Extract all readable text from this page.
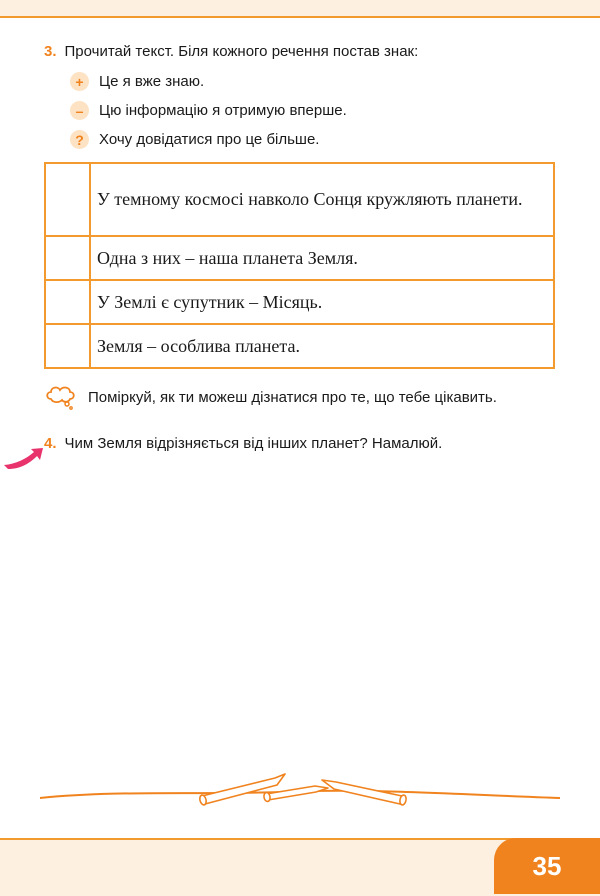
3. Прочитай текст. Біля кожного речення постав знак:
+	Це я вже знаю.
–	Цю інформацію я отримую вперше.
?	Хочу довідатися про це більше.
	У темному космосі навколо Сонця кружляють планети.
	Одна з них – наша планета Земля.
	У Землі є супутник – Місяць.
	Земля – особлива планета.
Поміркуй, як ти можеш дізнатися про те, що тебе цікавить.
4. Чим Земля відрізняється від інших планет? Намалюй.
35
